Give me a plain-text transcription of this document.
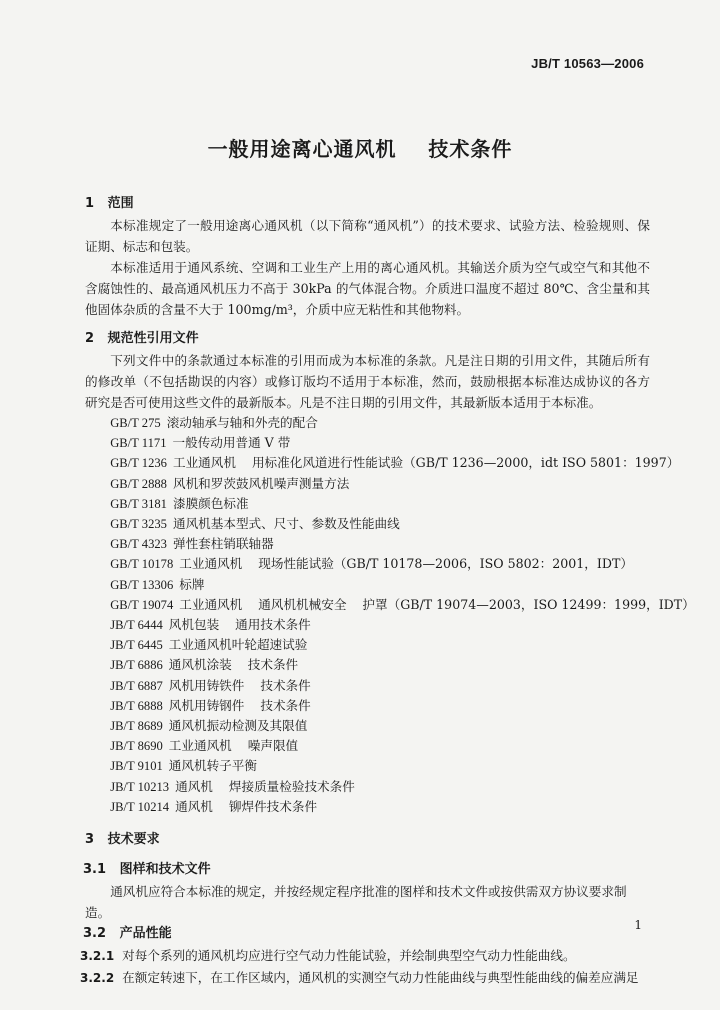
JB/T 10563—2006
一般用途离心通风机    技术条件
1   范围
本标准规定了一般用途离心通风机（以下简称“通风机”）的技术要求、试验方法、检验规则、保证期、标志和包装。
本标准适用于通风系统、空调和工业生产上用的离心通风机。其输送介质为空气或空气和其他不含腐蚀性的、最高通风机压力不高于 30kPa 的气体混合物。介质进口温度不超过 80℃、含尘量和其他固体杂质的含量不大于 100mg/m³，介质中应无粘性和其他物料。
2   规范性引用文件
下列文件中的条款通过本标准的引用而成为本标准的条款。凡是注日期的引用文件，其随后所有的修改单（不包括勘误的内容）或修订版均不适用于本标准，然而，鼓励根据本标准达成协议的各方研究是否可使用这些文件的最新版本。凡是不注日期的引用文件，其最新版本适用于本标准。
GB/T 275 滚动轴承与轴和外壳的配合
GB/T 1171 一般传动用普通 V 带
GB/T 1236 工业通风机    用标准化风道进行性能试验（GB/T 1236—2000，idt ISO 5801：1997）
GB/T 2888 风机和罗茨鼓风机噪声测量方法
GB/T 3181 漆膜颜色标准
GB/T 3235 通风机基本型式、尺寸、参数及性能曲线
GB/T 4323 弹性套柱销联轴器
GB/T 10178 工业通风机    现场性能试验（GB/T 10178—2006，ISO 5802：2001，IDT）
GB/T 13306 标牌
GB/T 19074 工业通风机    通风机机械安全    护罩（GB/T 19074—2003，ISO 12499：1999，IDT）
JB/T 6444 风机包装    通用技术条件
JB/T 6445 工业通风机叶轮超速试验
JB/T 6886 通风机涂装    技术条件
JB/T 6887 风机用铸铁件    技术条件
JB/T 6888 风机用铸钢件    技术条件
JB/T 8689 通风机振动检测及其限值
JB/T 8690 工业通风机    噪声限值
JB/T 9101 通风机转子平衡
JB/T 10213 通风机    焊接质量检验技术条件
JB/T 10214 通风机    铆焊件技术条件
3   技术要求
3.1   图样和技术文件
通风机应符合本标准的规定，并按经规定程序批准的图样和技术文件或按供需双方协议要求制造。
3.2   产品性能
3.2.1 对每个系列的通风机均应进行空气动力性能试验，并绘制典型空气动力性能曲线。
3.2.2 在额定转速下，在工作区域内，通风机的实测空气动力性能曲线与典型性能曲线的偏差应满足
1
